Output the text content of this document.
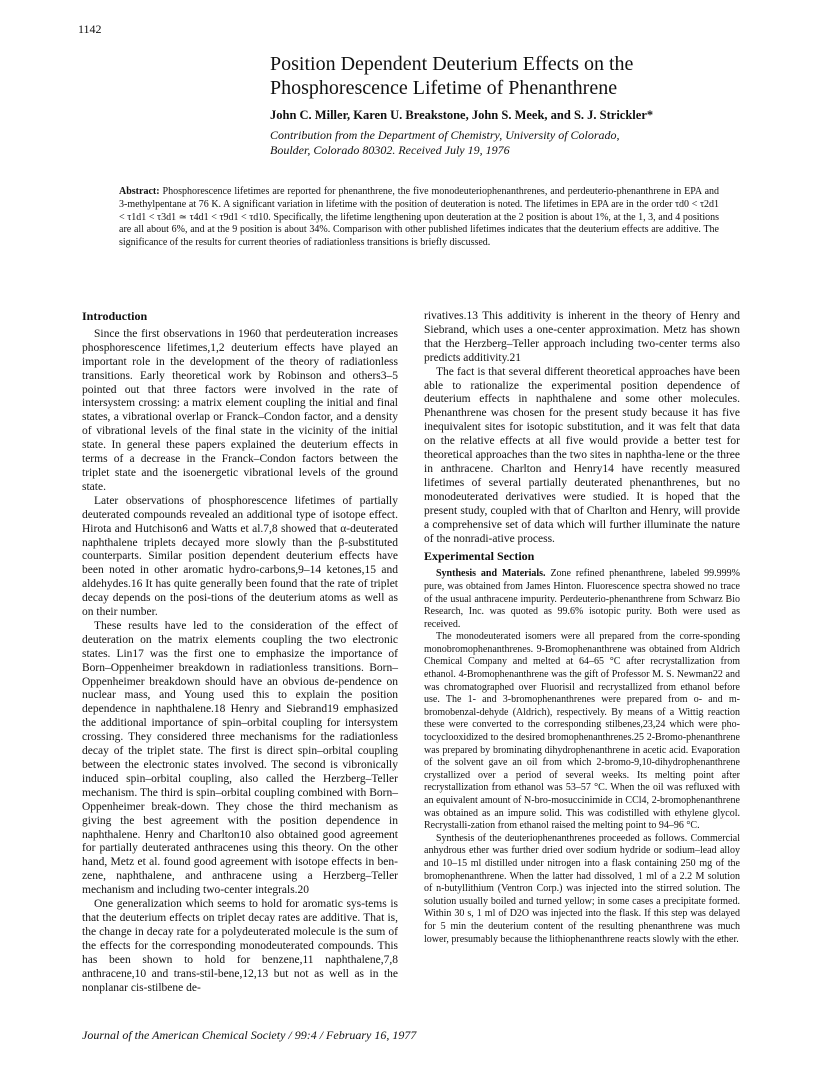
1142
Position Dependent Deuterium Effects on the
Phosphorescence Lifetime of Phenanthrene
John C. Miller, Karen U. Breakstone, John S. Meek, and S. J. Strickler*
Contribution from the Department of Chemistry, University of Colorado,
Boulder, Colorado 80302. Received July 19, 1976
Abstract: Phosphorescence lifetimes are reported for phenanthrene, the five monodeuteriophenanthrenes, and perdeuterio-phenanthrene in EPA and 3-methylpentane at 76 K. A significant variation in lifetime with the position of deuteration is noted. The lifetimes in EPA are in the order τd0 < τ2d1 < τ1d1 < τ3d1 ≃ τ4d1 < τ9d1 < τd10. Specifically, the lifetime lengthening upon deuteration at the 2 position is about 1%, at the 1, 3, and 4 positions are all about 6%, and at the 9 position is about 34%. Comparison with other published lifetimes indicates that the deuterium effects are additive. The significance of the results for current theories of radiationless transitions is briefly discussed.
Introduction

Since the first observations in 1960 that perdeuteration increases phosphorescence lifetimes,1,2 deuterium effects have played an important role in the development of the theory of radiationless transitions. Early theoretical work by Robinson and others3–5 pointed out that three factors were involved in the rate of intersystem crossing: a matrix element coupling the initial and final states, a vibrational overlap or Franck–Condon factor, and a density of vibrational levels of the final state in the vicinity of the initial state. In general these papers explained the deuterium effects in terms of a decrease in the Franck–Condon factors between the triplet state and the isoenergetic vibrational levels of the ground state.

Later observations of phosphorescence lifetimes of partially deuterated compounds revealed an additional type of isotope effect. Hirota and Hutchison6 and Watts et al.7,8 showed that α-deuterated naphthalene triplets decayed more slowly than the β-substituted counterparts. Similar position dependent deuterium effects have been noted in other aromatic hydro-carbons,9–14 ketones,15 and aldehydes.16 It has quite generally been found that the rate of triplet decay depends on the posi-tions of the deuterium atoms as well as on their number.

These results have led to the consideration of the effect of deuteration on the matrix elements coupling the two electronic states. Lin17 was the first one to emphasize the importance of Born–Oppenheimer breakdown in radiationless transitions. Born–Oppenheimer breakdown should have an obvious de-pendence on nuclear mass, and Young used this to explain the position dependence in naphthalene.18 Henry and Siebrand19 emphasized the additional importance of spin–orbital coupling for intersystem crossing. They considered three mechanisms for the radiationless decay of the triplet state. The first is direct spin–orbital coupling between the electronic states involved. The second is vibronically induced spin–orbital coupling, also called the Herzberg–Teller mechanism. The third is spin–orbital coupling combined with Born–Oppenheimer break-down. They chose the third mechanism as giving the best agreement with the position dependence in naphthalene. Henry and Charlton10 also obtained good agreement for partially deuterated anthracenes using this theory. On the other hand, Metz et al. found good agreement with isotope effects in ben-zene, naphthalene, and anthracene using a Herzberg–Teller mechanism and including two-center integrals.20

One generalization which seems to hold for aromatic sys-tems is that the deuterium effects on triplet decay rates are additive. That is, the change in decay rate for a polydeuterated molecule is the sum of the effects for the corresponding monodeuterated compounds. This has been shown to hold for benzene,11 naphthalene,7,8 anthracene,10 and trans-stil-bene,12,13 but not as well as in the nonplanar cis-stilbene de-

rivatives.13 This additivity is inherent in the theory of Henry and Siebrand, which uses a one-center approximation. Metz has shown that the Herzberg–Teller approach including two-center terms also predicts additivity.21

The fact is that several different theoretical approaches have been able to rationalize the experimental position dependence of deuterium effects in naphthalene and some other molecules. Phenanthrene was chosen for the present study because it has five inequivalent sites for isotopic substitution, and it was felt that data on the relative effects at all five would provide a better test for theoretical approaches than the two sites in naphtha-lene or the three in anthracene. Charlton and Henry14 have recently measured lifetimes of several partially deuterated phenanthrenes, but no monodeuterated derivatives were studied. It is hoped that the present study, coupled with that of Charlton and Henry, will provide a comprehensive set of data which will further illuminate the nature of the nonradi-ative process.

Experimental Section

Synthesis and Materials. Zone refined phenanthrene, labeled 99.999% pure, was obtained from James Hinton. Fluorescence spectra showed no trace of the usual anthracene impurity. Perdeuterio-phenanthrene from Schwarz Bio Research, Inc. was quoted as 99.6% isotopic purity. Both were used as received.

The monodeuterated isomers were all prepared from the corre-sponding monobromophenanthrenes. 9-Bromophenanthrene was obtained from Aldrich Chemical Company and melted at 64–65 °C after recrystallization from ethanol. 4-Bromophenanthrene was the gift of Professor M. S. Newman22 and was chromatographed over Fluorisil and recrystallized from ethanol before use. The 1- and 3-bromophenanthrenes were prepared from o- and m-bromobenzal-dehyde (Aldrich), respectively. By means of a Wittig reaction these were converted to the corresponding stilbenes,23,24 which were pho-tocyclooxidized to the desired bromophenanthrenes.25 2-Bromo-phenanthrene was prepared by brominating dihydrophenanthrene in acetic acid. Evaporation of the solvent gave an oil from which 2-bromo-9,10-dihydrophenanthrene crystallized over a period of several weeks. Its melting point after recrystallization from ethanol was 53–57 °C. When the oil was refluxed with an equivalent amount of N-bro-mosuccinimide in CCl4, 2-bromophenanthrene was obtained as an impure solid. This was codistilled with ethylene glycol. Recrystalli-zation from ethanol raised the melting point to 94–96 °C.

Synthesis of the deuteriophenanthrenes proceeded as follows. Commercial anhydrous ether was further dried over sodium hydride or sodium–lead alloy and 10–15 ml distilled under nitrogen into a flask containing 250 mg of the bromophenanthrene. When the latter had dissolved, 1 ml of a 2.2 M solution of n-butyllithium (Ventron Corp.) was injected into the stirred solution. The solution usually boiled and turned yellow; in some cases a precipitate formed. Within 30 s, 1 ml of D2O was injected into the flask. If this step was delayed for 5 min the deuterium content of the resulting phenanthrene was much lower, presumably because the lithiophenanthrene reacts slowly with the ether.

Journal of the American Chemical Society / 99:4 / February 16, 1977
